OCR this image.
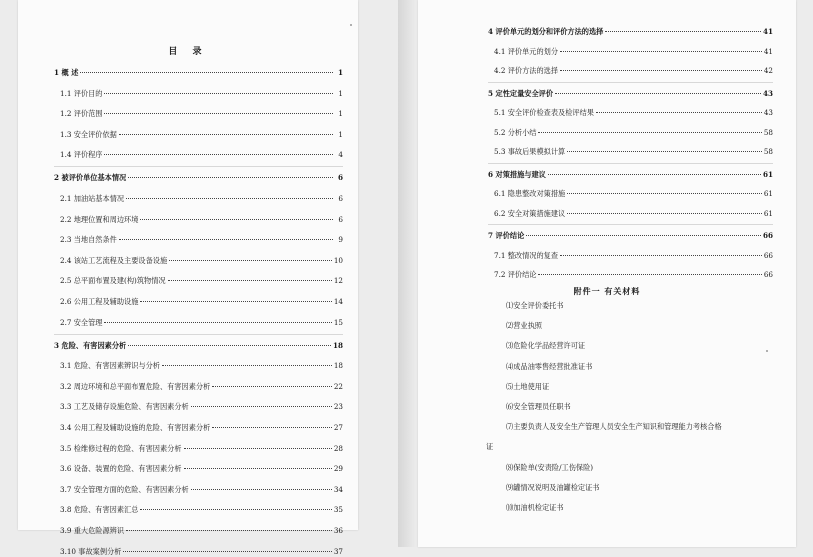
目 录
1 概 述	1
1.1 评价目的	1
1.2 评价范围	1
1.3 安全评价依据	1
1.4 评价程序	4
2 被评价单位基本情况	6
2.1 加油站基本情况	6
2.2 地理位置和周边环境	6
2.3 当地自然条件	9
2.4 该站工艺流程及主要设备设施	10
2.5 总平面布置及建(构)筑物情况	12
2.6 公用工程及辅助设施	14
2.7 安全管理	15
3 危险、有害因素分析	18
3.1 危险、有害因素辨识与分析	18
3.2 周边环境和总平面布置危险、有害因素分析	22
3.3 工艺及储存设施危险、有害因素分析	23
3.4 公用工程及辅助设施的危险、有害因素分析	27
3.5 检维修过程的危险、有害因素分析	28
3.6 设备、装置的危险、有害因素分析	29
3.7 安全管理方面的危险、有害因素分析	34
3.8 危险、有害因素汇总	35
3.9 重大危险源辨识	36
3.10 事故案例分析	37
4 评价单元的划分和评价方法的选择	41
4.1 评价单元的划分	41
4.2 评价方法的选择	42
5 定性定量安全评价	43
5.1 安全评价检查表及检评结果	43
5.2 分析小结	58
5.3 事故后果模拟计算	58
6 对策措施与建议	61
6.1 隐患整改对策措施	61
6.2 安全对策措施建议	61
7 评价结论	66
7.1 整改情况的复查	66
7.2 评价结论	66
附件一 有关材料
⑴安全评价委托书
⑵营业执照
⑶危险化学品经营许可证
⑷成品油零售经营批准证书
⑸土地使用证
⑹安全管理员任职书
⑺主要负责人及安全生产管理人员安全生产知识和管理能力考核合格
证
⑻保险单(安责险/工伤保险)
⑼罐情况说明及油罐检定证书
⑽加油机检定证书
